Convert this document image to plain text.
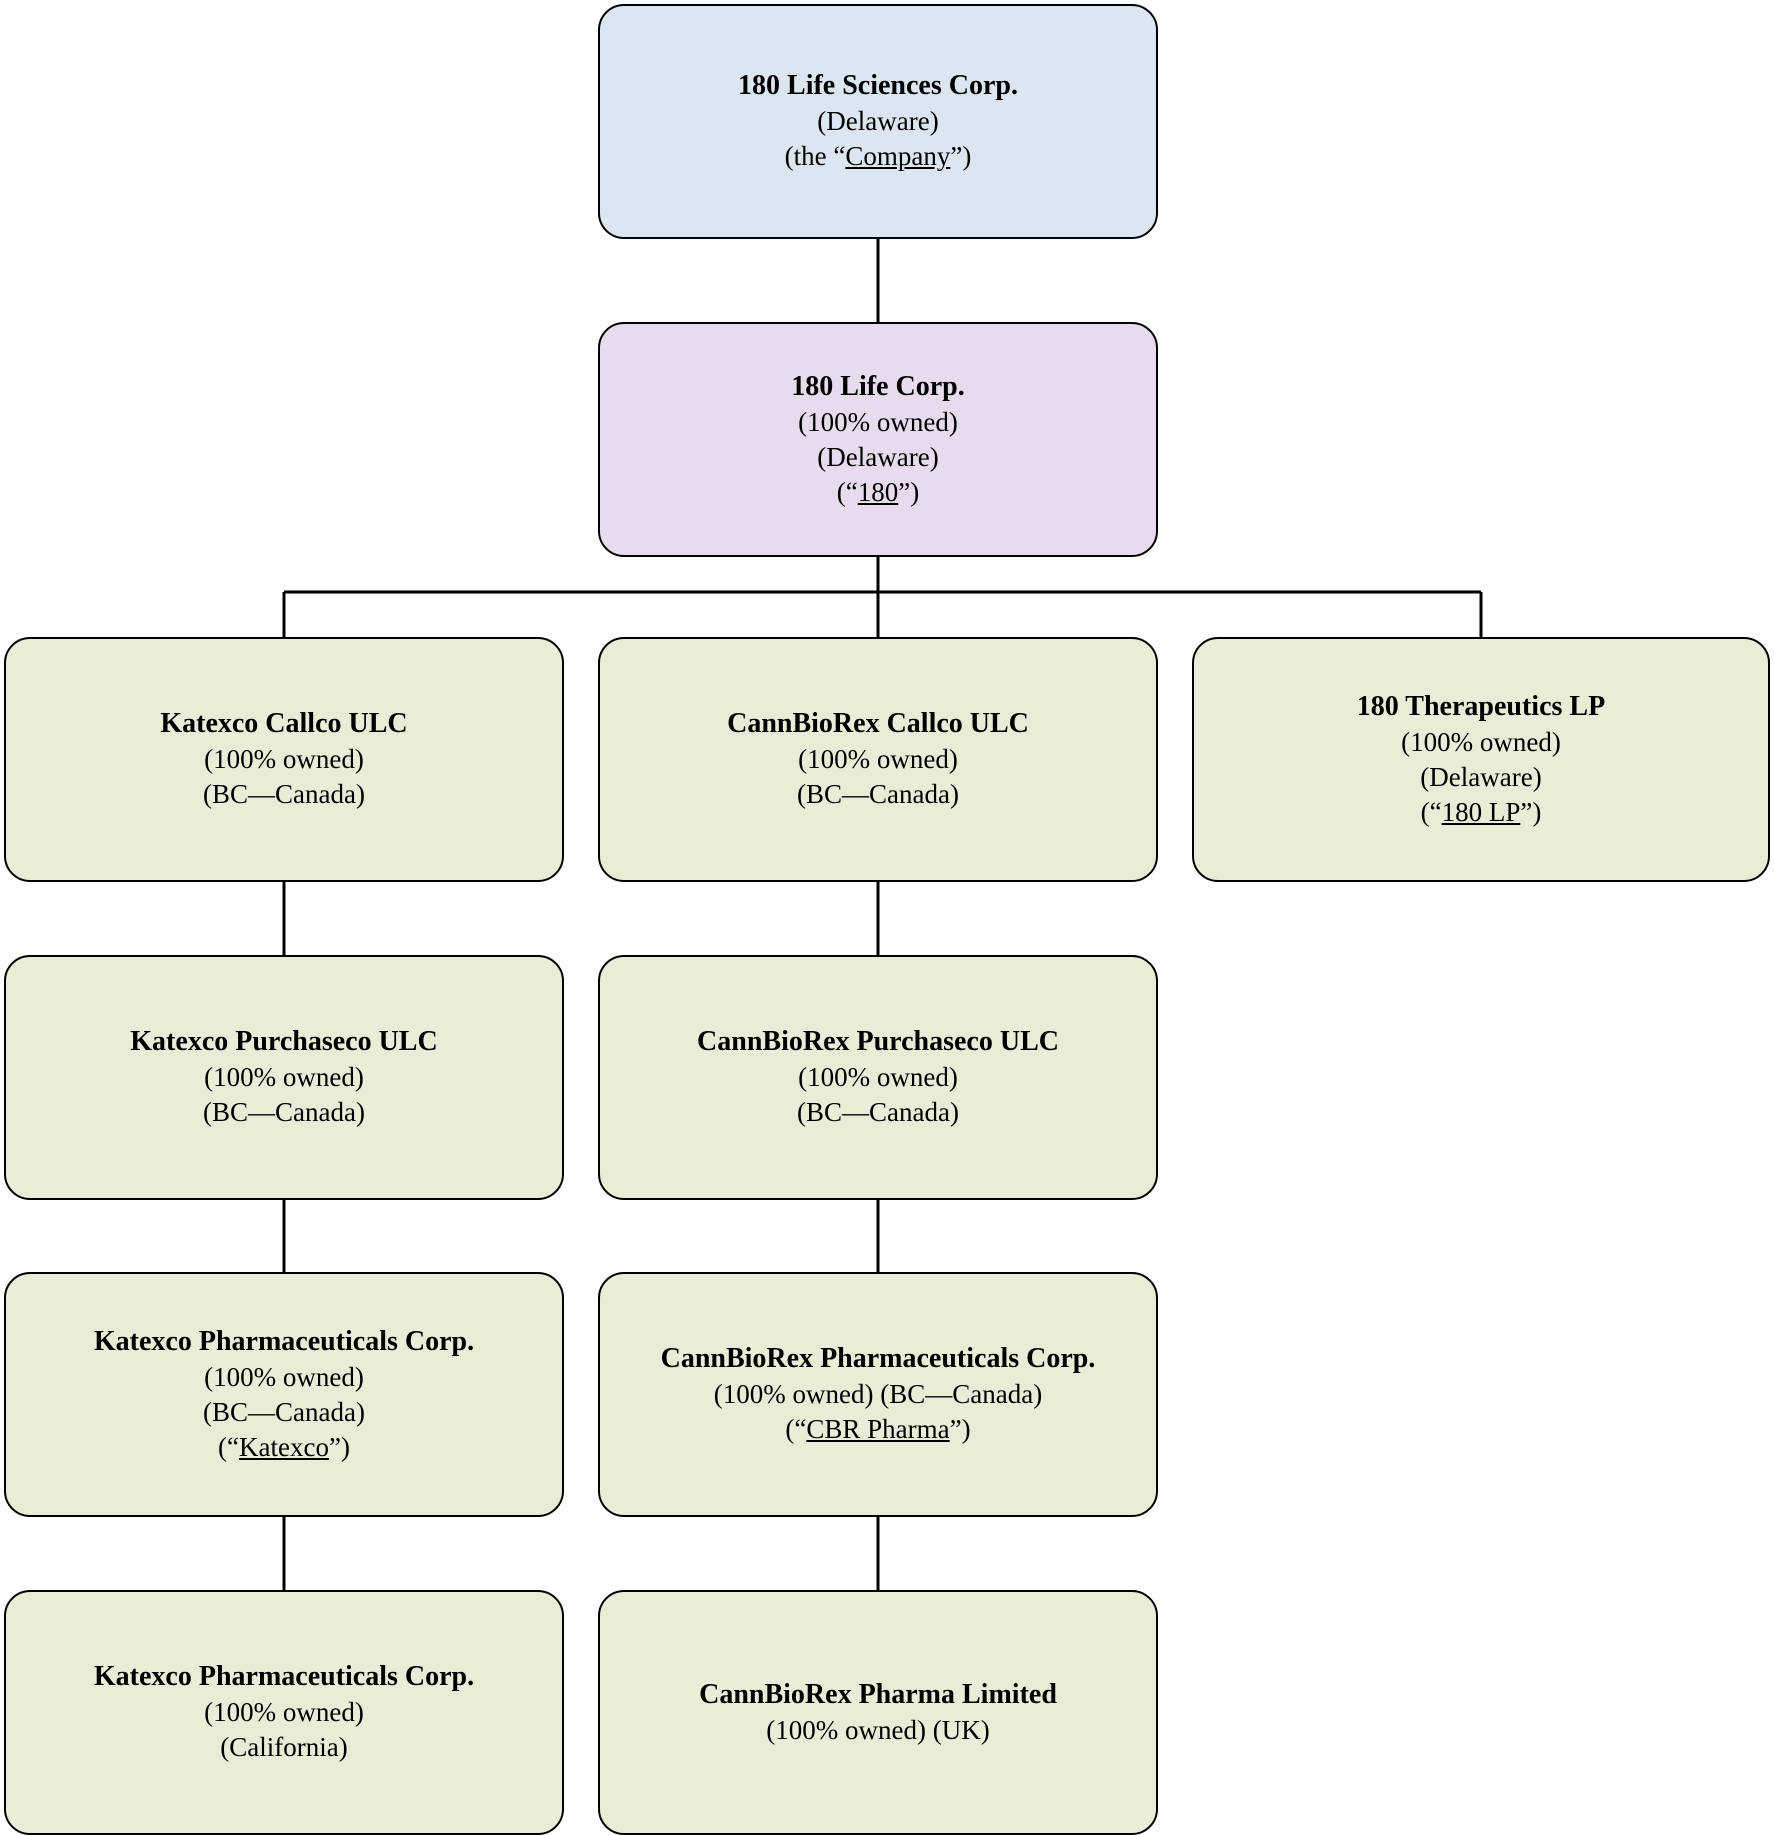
180 Life Sciences Corp.
(Delaware)
(the “Company”)
180 Life Corp.
(100% owned)
(Delaware)
(“180”)
Katexco Callco ULC
(100% owned)
(BC—Canada)
CannBioRex Callco ULC
(100% owned)
(BC—Canada)
180 Therapeutics LP
(100% owned)
(Delaware)
(“180 LP”)
Katexco Purchaseco ULC
(100% owned)
(BC—Canada)
CannBioRex Purchaseco ULC
(100% owned)
(BC—Canada)
Katexco Pharmaceuticals Corp.
(100% owned)
(BC—Canada)
(“Katexco”)
CannBioRex Pharmaceuticals Corp.
(100% owned) (BC—Canada)
(“CBR Pharma”)
Katexco Pharmaceuticals Corp.
(100% owned)
(California)
CannBioRex Pharma Limited
(100% owned) (UK)
